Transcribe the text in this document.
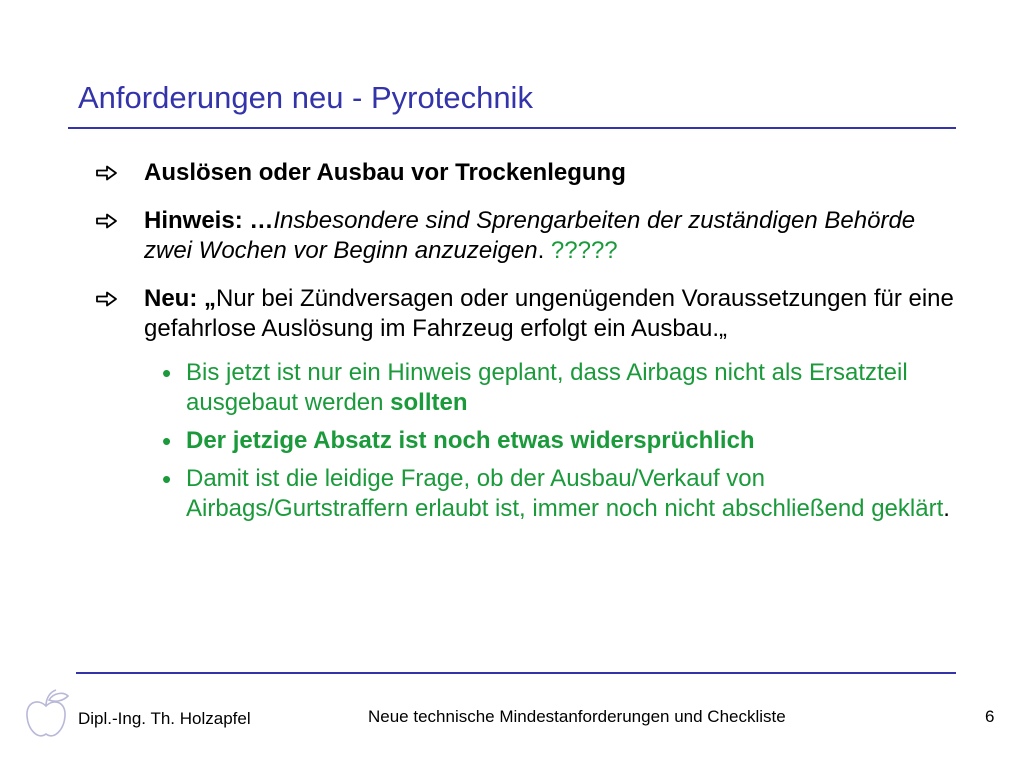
Anforderungen neu - Pyrotechnik
Auslösen oder Ausbau vor Trockenlegung
Hinweis: …Insbesondere sind Sprengarbeiten der zuständigen Behörde zwei Wochen vor Beginn anzuzeigen. ?????
Neu: „Nur bei Zündversagen oder ungenügenden Voraussetzungen für eine gefahrlose Auslösung im Fahrzeug erfolgt ein Ausbau.„
• Bis jetzt ist nur ein Hinweis geplant, dass Airbags nicht als Ersatzteil ausgebaut werden sollten
• Der jetzige Absatz ist noch etwas widersprüchlich
• Damit ist die leidige Frage, ob der Ausbau/Verkauf von Airbags/Gurtstraffern erlaubt ist, immer noch nicht abschließend geklärt.
Dipl.-Ing. Th. Holzapfel	Neue technische Mindestanforderungen und Checkliste	6
